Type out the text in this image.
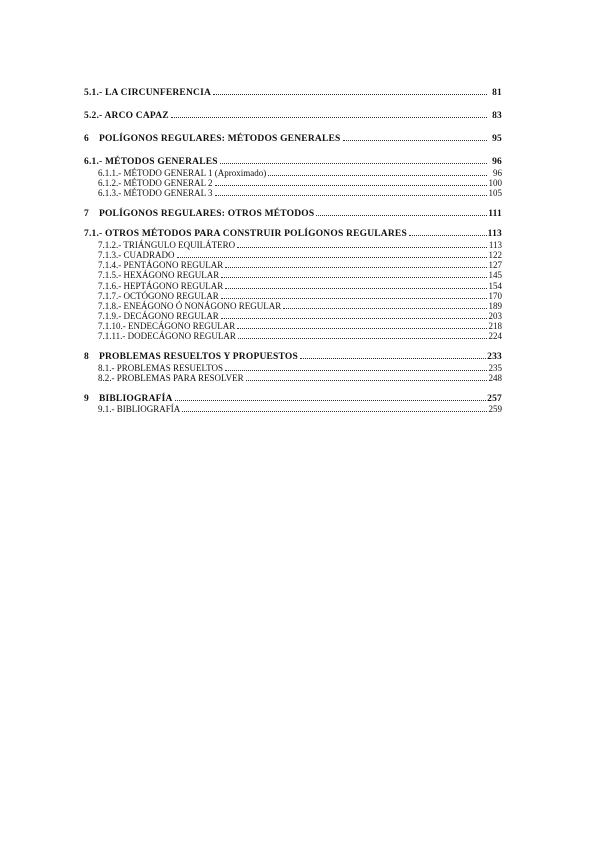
5.1.- LA CIRCUNFERENCIA	81
5.2.- ARCO CAPAZ	83
6 POLÍGONOS REGULARES: MÉTODOS GENERALES	95
6.1.- MÉTODOS GENERALES	96
6.1.1.- MÉTODO GENERAL 1 (Aproximado)	96
6.1.2.- MÉTODO GENERAL 2	100
6.1.3.- MÉTODO GENERAL 3	105
7 POLÍGONOS REGULARES: OTROS MÉTODOS	111
7.1.- OTROS MÉTODOS PARA CONSTRUIR POLÍGONOS REGULARES	113
7.1.2.- TRIÁNGULO EQUILÁTERO	113
7.1.3.- CUADRADO	122
7.1.4.- PENTÁGONO REGULAR	127
7.1.5.- HEXÁGONO REGULAR	145
7.1.6.- HEPTÁGONO REGULAR	154
7.1.7.- OCTÓGONO REGULAR	170
7.1.8.- ENEÁGONO Ó NONÁGONO REGULAR	189
7.1.9.- DECÁGONO REGULAR	203
7.1.10.- ENDECÁGONO REGULAR	218
7.1.11.- DODECÁGONO REGULAR	224
8 PROBLEMAS RESUELTOS Y PROPUESTOS	233
8.1.- PROBLEMAS RESUELTOS	235
8.2.- PROBLEMAS PARA RESOLVER	248
9 BIBLIOGRAFÍA	257
9.1.- BIBLIOGRAFÍA	259
